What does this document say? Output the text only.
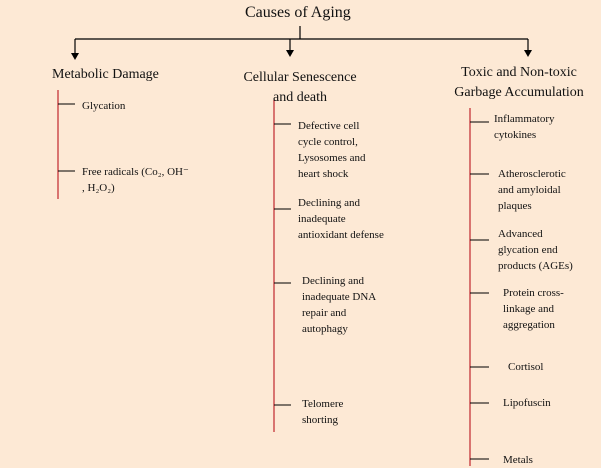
Causes of Aging
Metabolic Damage	Cellular Senescence
and death
Toxic and Non-toxic
Garbage Accumulation
Glycation
Free radicals (Co₂, OH⁻
, H₂O₂)
Defective cell
cycle control,
Lysosomes and
heart shock
Declining and
inadequate
antioxidant defense
Declining and
inadequate DNA
repair and
autophagy
Telomere
shorting
Inflammatory
cytokines
Atherosclerotic
and amyloidal
plaques
Advanced
glycation end
products (AGEs)
Protein cross-
linkage and
aggregation
Cortisol
Lipofuscin
Metals
